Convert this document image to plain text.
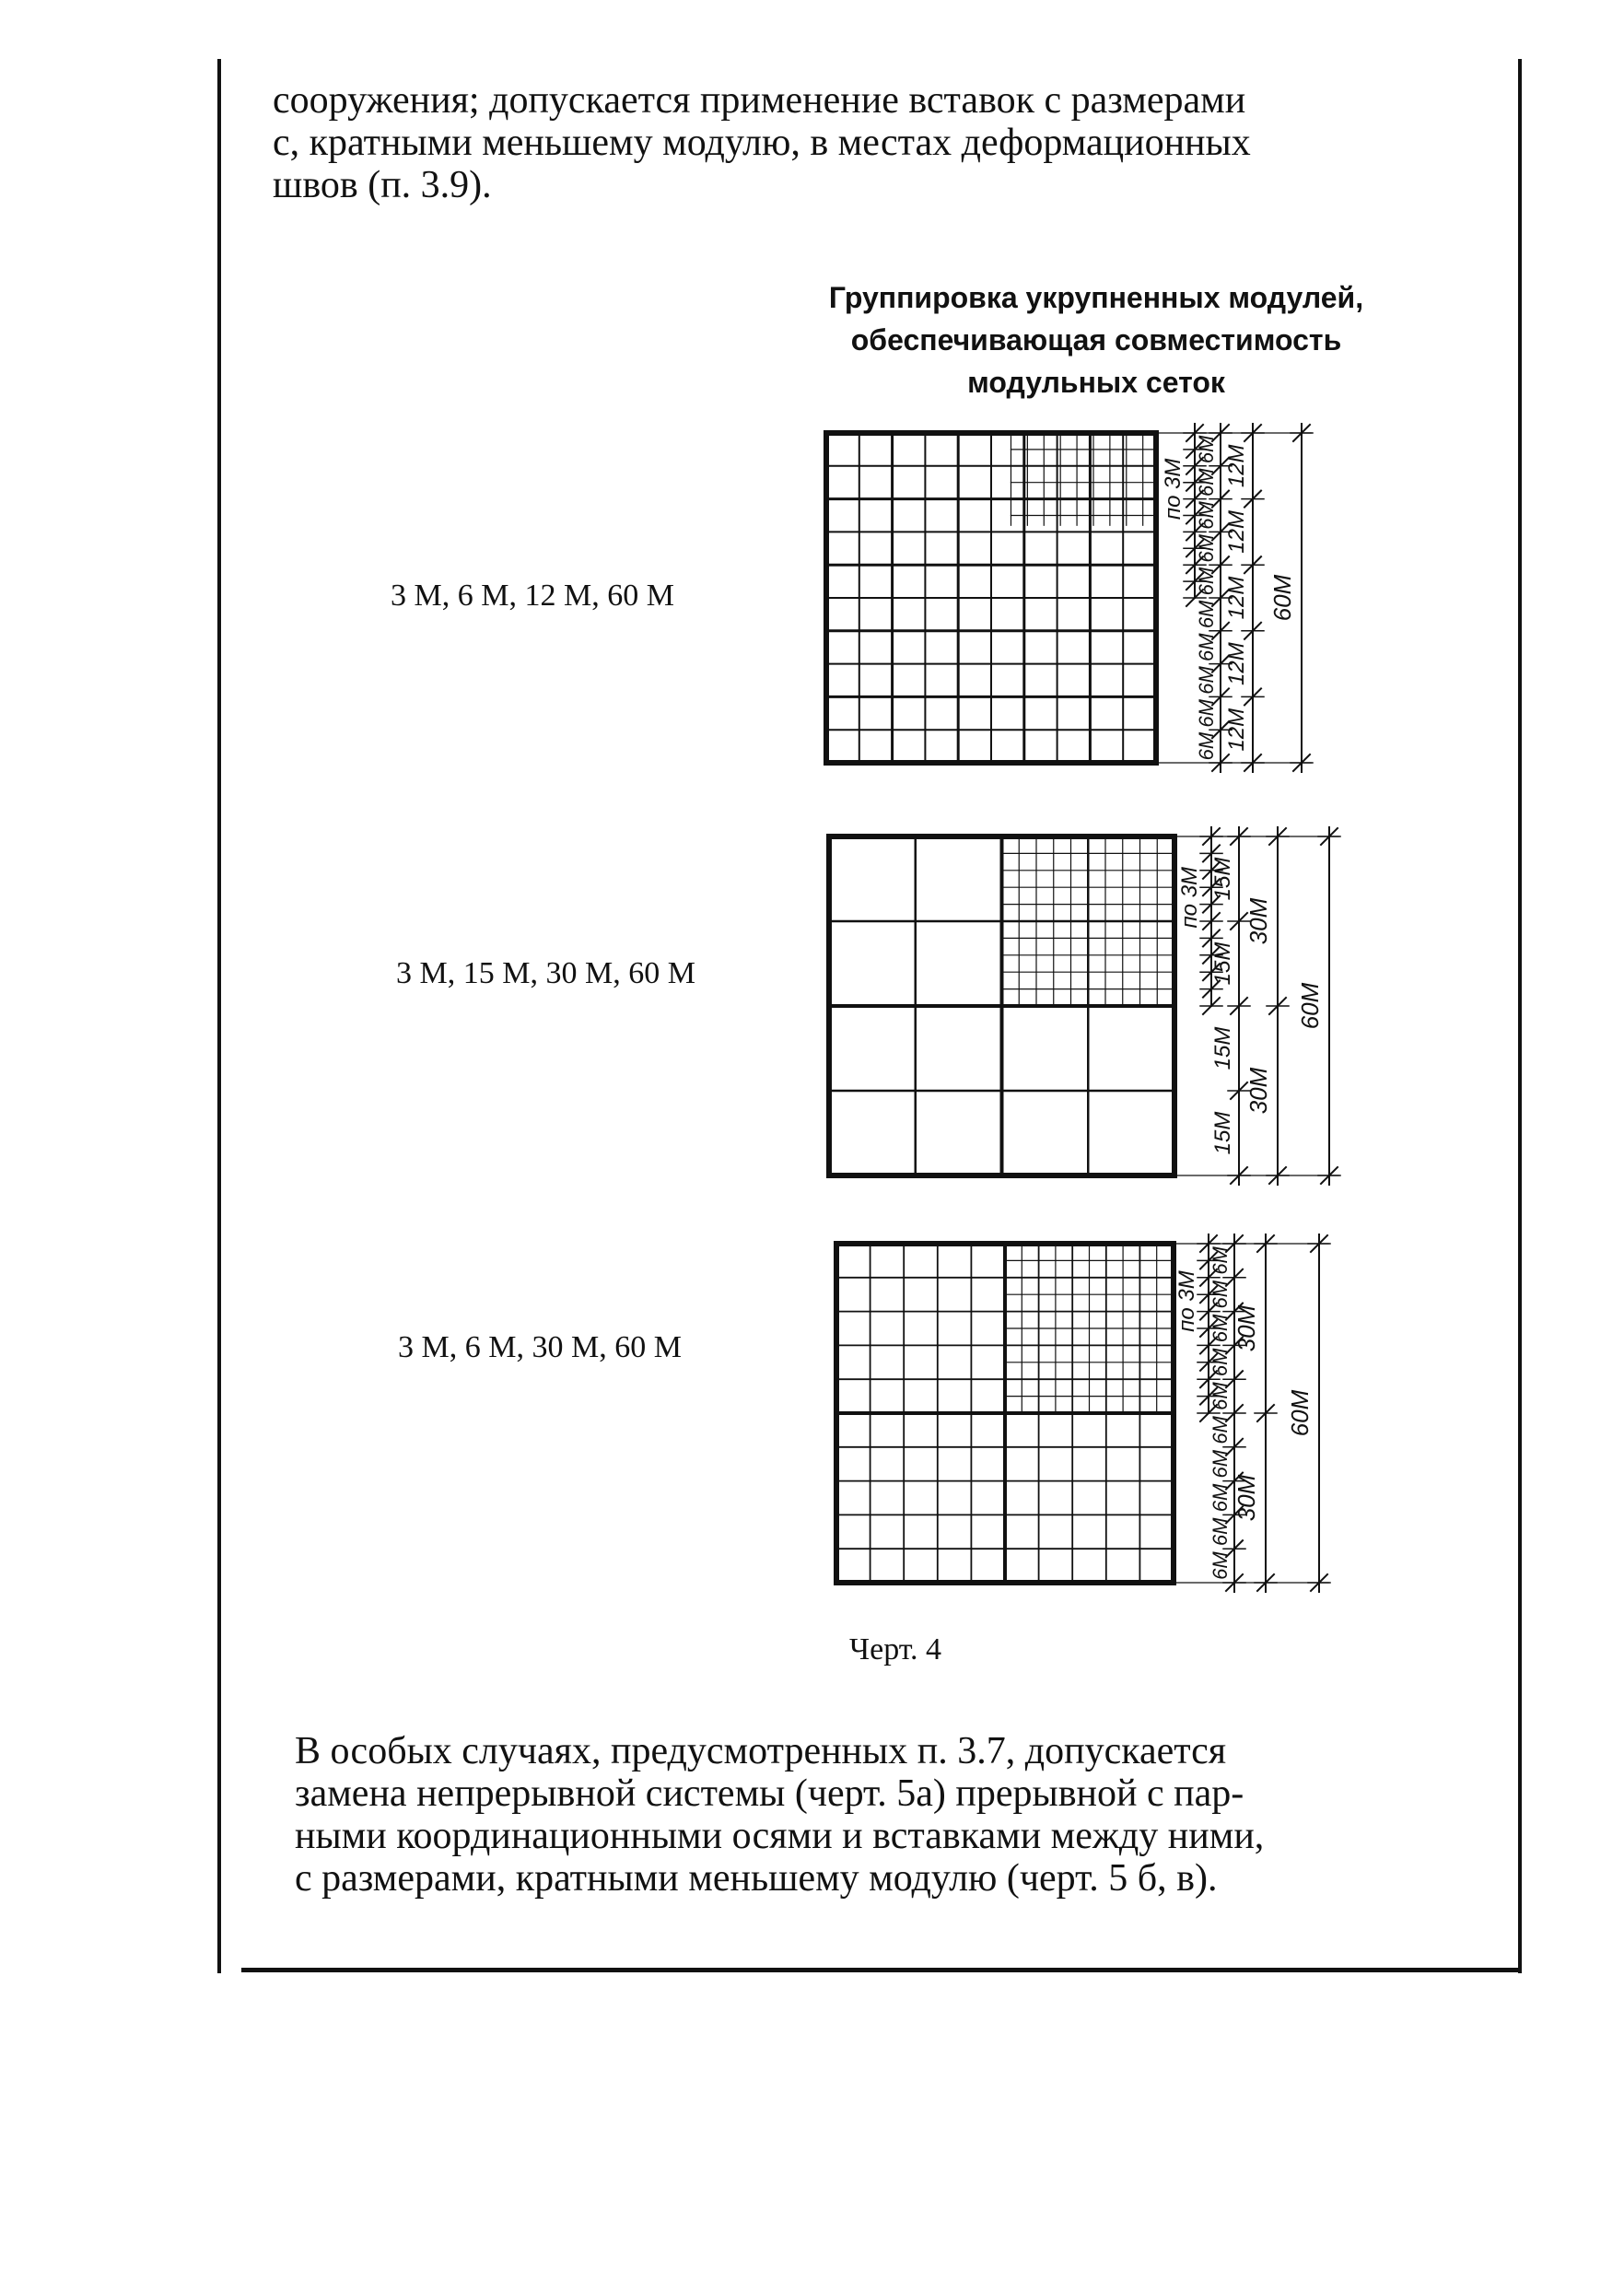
сооружения; допускается применение вставок с размерами
с, кратными меньшему модулю, в местах деформационных
швов (п. 3.9).
Группировка укрупненных модулей,
обеспечивающая совместимость
модульных сеток
3 М, 6 М, 12 М, 60 М
3 М, 15 М, 30 М, 60 М
3 М, 6 М, 30 М, 60 М
по 3М
6М
6М
6М
6М
6М
6М
6М
6М
6М
6М
12М
12М
12М
12М
12М
60М
по 3М 15М
15М
15М
15М
30М
30М
60М
по 3М
6М
6М
6М
6М
6М
6М
6М
6М
6М
6М
30М
30М
60М
Черт. 4
В особых случаях, предусмотренных п. 3.7, допускается
замена непрерывной системы (черт. 5а) прерывной с пар-
ными координационными осями и вставками между ними,
с размерами, кратными меньшему модулю (черт. 5 б, в).
